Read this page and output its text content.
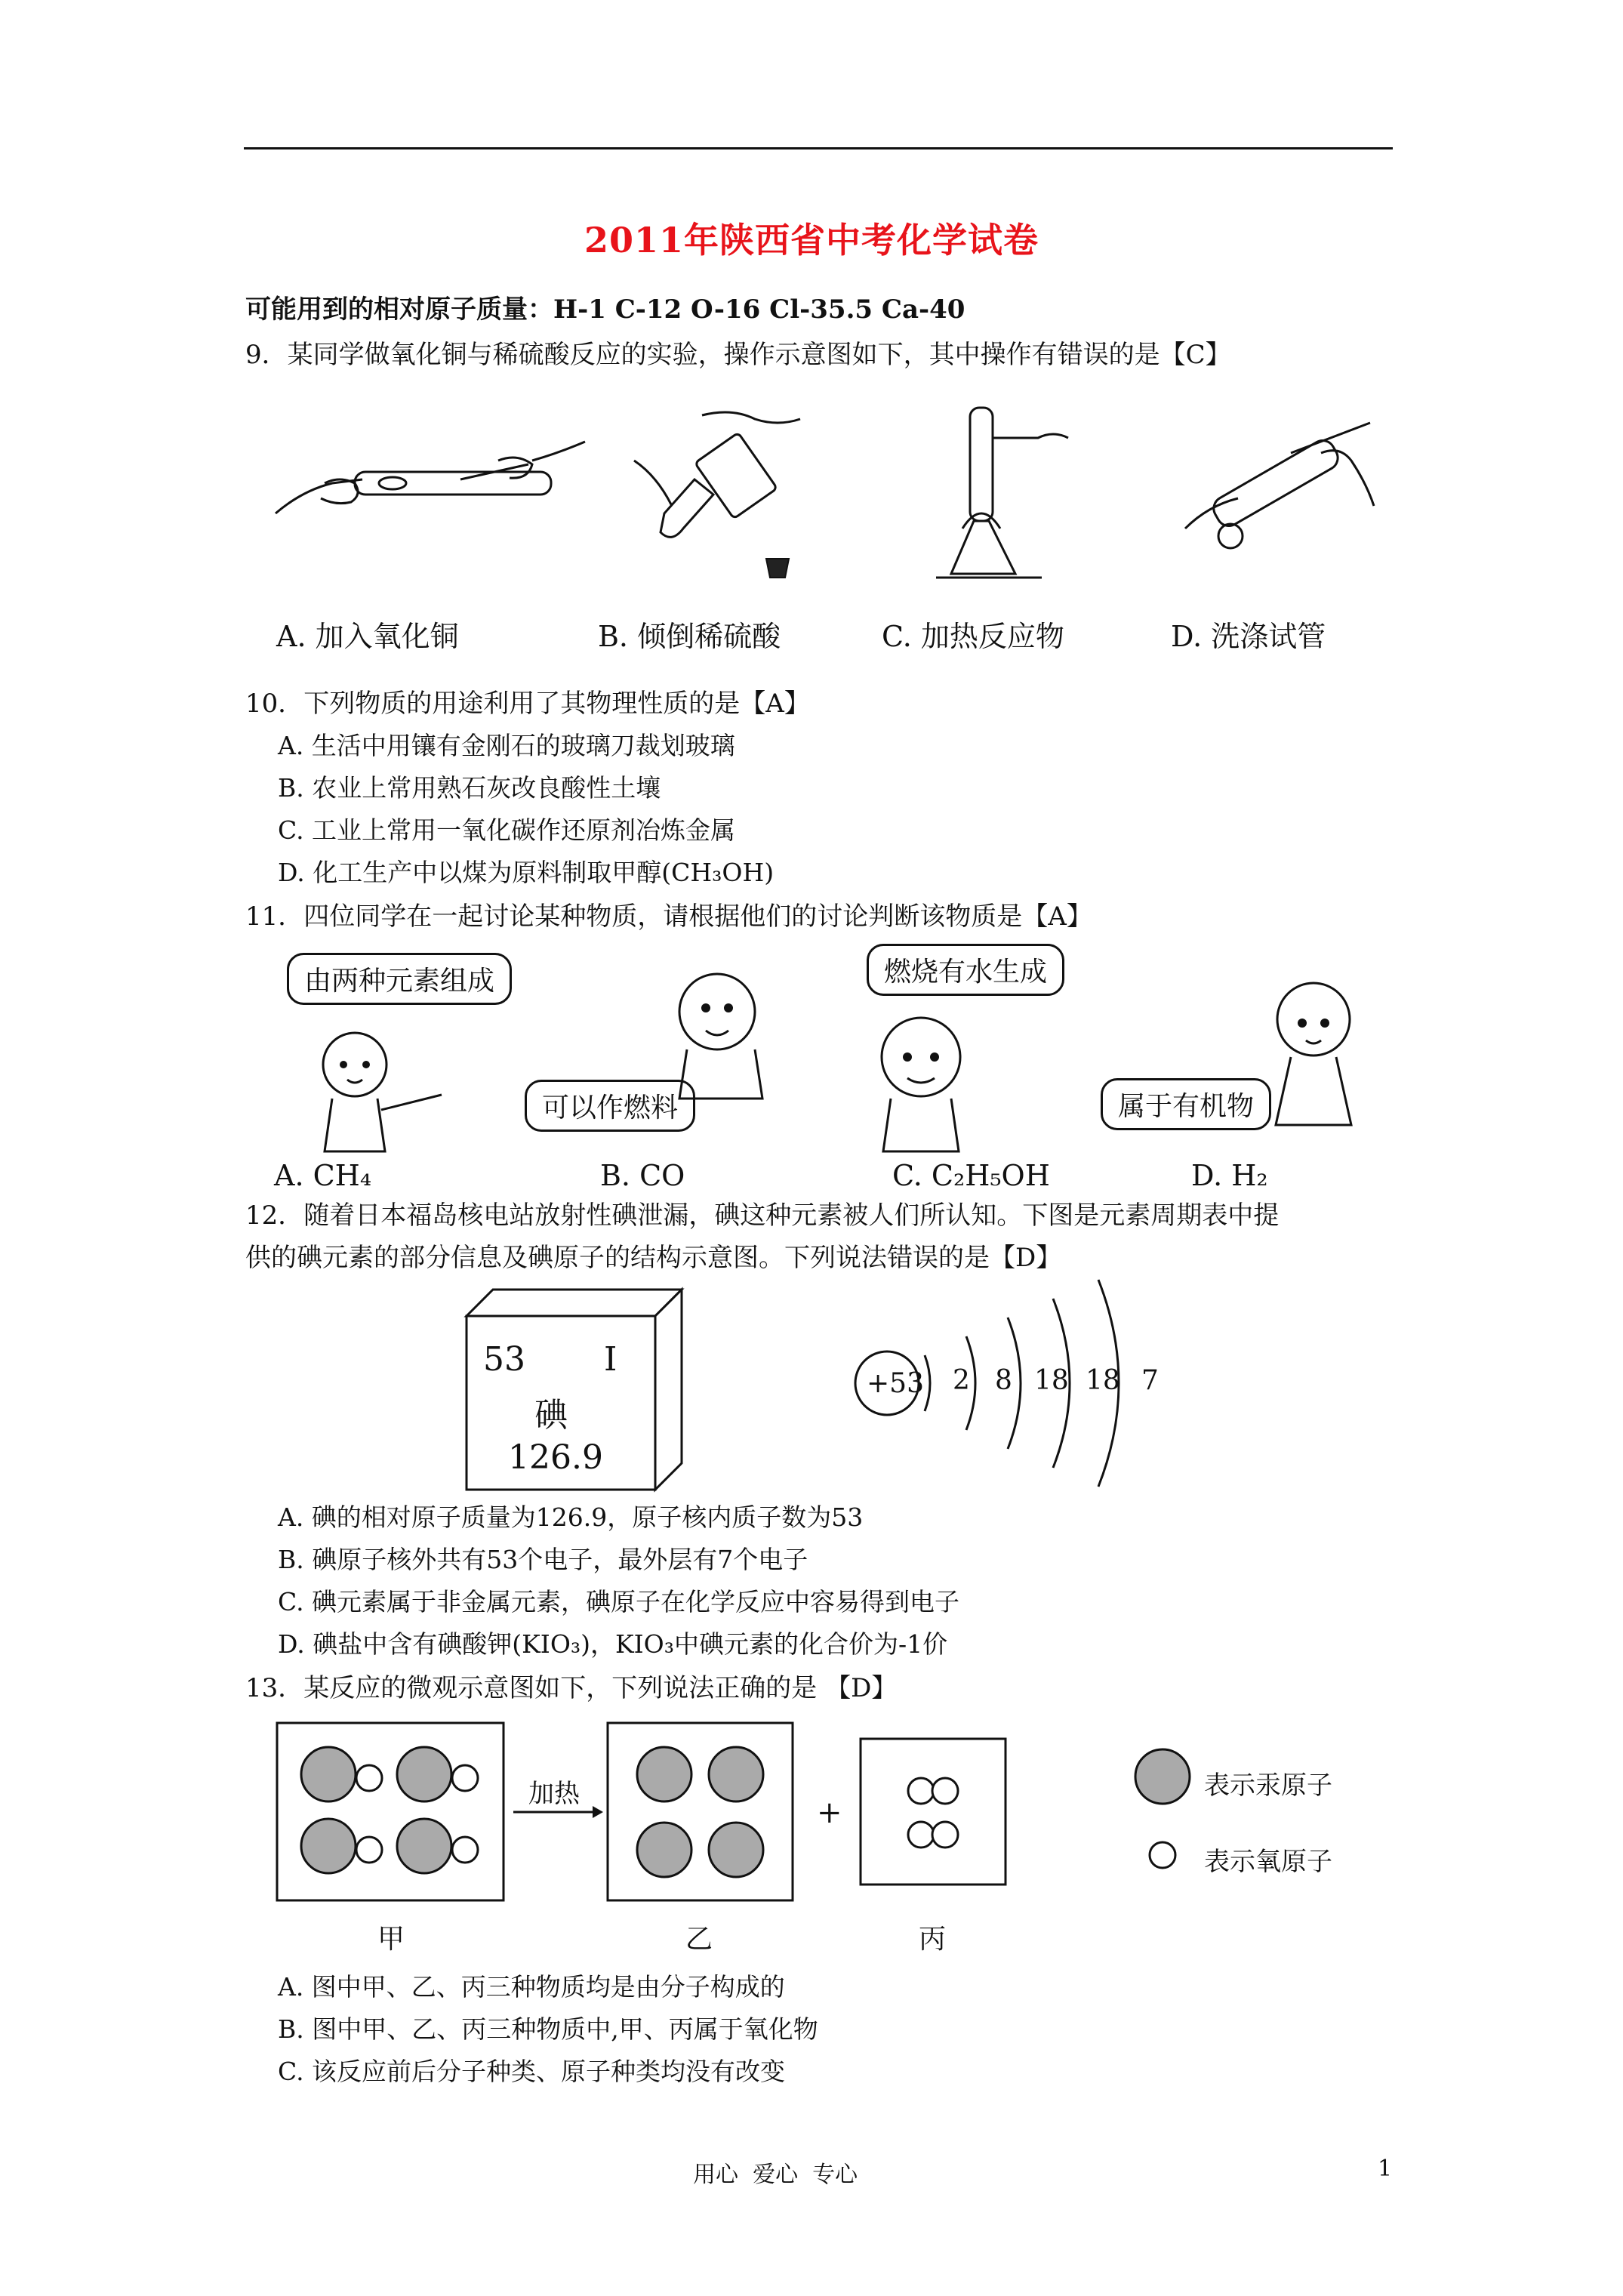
2011年陕西省中考化学试卷
可能用到的相对原子质量：H-1 C-12 O-16 Cl-35.5 Ca-40
9．某同学做氧化铜与稀硫酸反应的实验，操作示意图如下，其中操作有错误的是【C】
A. 加入氧化铜	B. 倾倒稀硫酸	C. 加热反应物	D. 洗涤试管
10．下列物质的用途利用了其物理性质的是【A】
A. 生活中用镶有金刚石的玻璃刀裁划玻璃
B. 农业上常用熟石灰改良酸性土壤
C. 工业上常用一氧化碳作还原剂冶炼金属
D. 化工生产中以煤为原料制取甲醇(CH₃OH)
11．四位同学在一起讨论某种物质，请根据他们的讨论判断该物质是【A】
由两种元素组成
可以作燃料
燃烧有水生成
属于有机物
A. CH₄	B. CO	C. C₂H₅OH	D. H₂
12．随着日本福岛核电站放射性碘泄漏，碘这种元素被人们所认知。下图是元素周期表中提
供的碘元素的部分信息及碘原子的结构示意图。下列说法错误的是【D】
53 I
碘
126.9
+53 2 8 18 18 7
A. 碘的相对原子质量为126.9，原子核内质子数为53
B. 碘原子核外共有53个电子，最外层有7个电子
C. 碘元素属于非金属元素，碘原子在化学反应中容易得到电子
D. 碘盐中含有碘酸钾(KIO₃)，KIO₃中碘元素的化合价为-1价
13．某反应的微观示意图如下，下列说法正确的是 【D】
加热
+
表示汞原子
表示氧原子
甲	乙	丙
A. 图中甲、乙、丙三种物质均是由分子构成的
B. 图中甲、乙、丙三种物质中,甲、丙属于氧化物
C. 该反应前后分子种类、原子种类均没有改变
用心  爱心  专心	1
